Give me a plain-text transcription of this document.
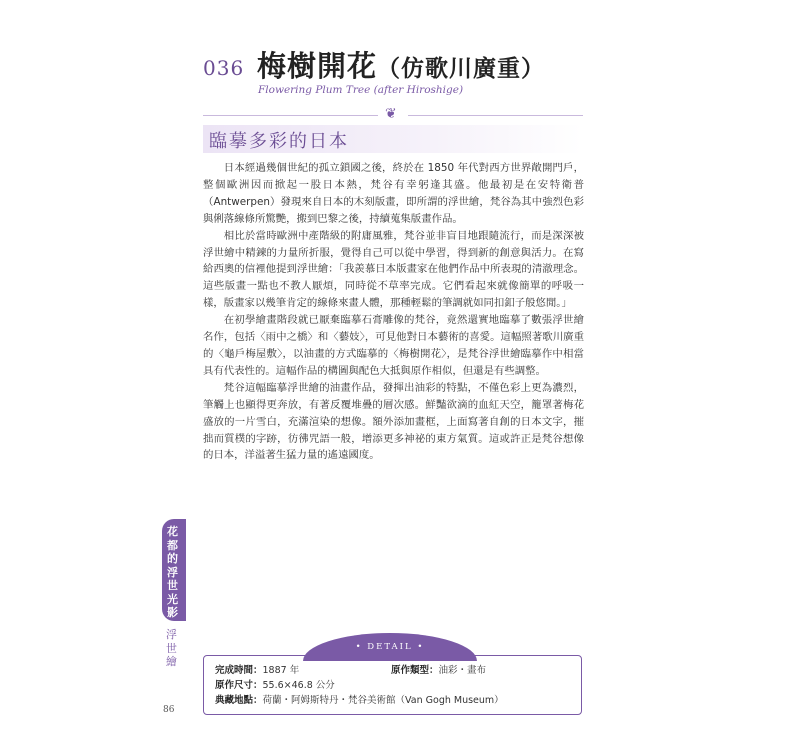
036 梅樹開花（仿歌川廣重）
Flowering Plum Tree (after Hiroshige)
❦
臨摹多彩的日本

日本經過幾個世紀的孤立鎖國之後，終於在 1850 年代對西方世界敞開門戶，整個歐洲因而掀起一股日本熱，梵谷有幸躬逢其盛。他最初是在安特衛普（Antwerpen）發現來自日本的木刻版畫，即所謂的浮世繪，梵谷為其中強烈色彩與俐落線條所驚艷，搬到巴黎之後，持續蒐集版畫作品。

相比於當時歐洲中產階級的附庸風雅，梵谷並非盲目地跟隨流行，而是深深被浮世繪中精鍊的力量所折服，覺得自己可以從中學習，得到新的創意與活力。在寫給西奧的信裡他提到浮世繪：「我羨慕日本版畫家在他們作品中所表現的清澈理念。這些版畫一點也不教人厭煩，同時從不草率完成。它們看起來就像簡單的呼吸一樣，版畫家以幾筆肯定的線條來畫人體，那種輕鬆的筆調就如同扣釦子般悠閒。」

在初學繪畫階段就已厭棄臨摹石膏雕像的梵谷，竟然還實地臨摹了數張浮世繪名作，包括〈雨中之橋〉和〈藝妓〉，可見他對日本藝術的喜愛。這幅照著歌川廣重的〈龜戶梅屋敷〉，以油畫的方式臨摹的〈梅樹開花〉，是梵谷浮世繪臨摹作中相當具有代表性的。這幅作品的構圖與配色大抵與原作相似，但還是有些調整。

梵谷這幅臨摹浮世繪的油畫作品，發揮出油彩的特點，不僅色彩上更為濃烈，筆觸上也顯得更奔放，有著反覆堆疊的層次感。鮮豔欲滴的血紅天空，籠罩著梅花盛放的一片雪白，充滿渲染的想像。額外添加畫框，上面寫著自創的日本文字，摧拙而質樸的字跡，彷彿咒語一般，增添更多神祕的東方氣質。這或許正是梵谷想像的日本，洋溢著生猛力量的遙遠國度。

花都的浮世光影
浮世繪
86
完成時間：1887 年	原作類型：油彩・畫布
原作尺寸：55.6×46.8 公分
典藏地點：荷蘭・阿姆斯特丹・梵谷美術館（Van Gogh Museum）
• DETAIL •
